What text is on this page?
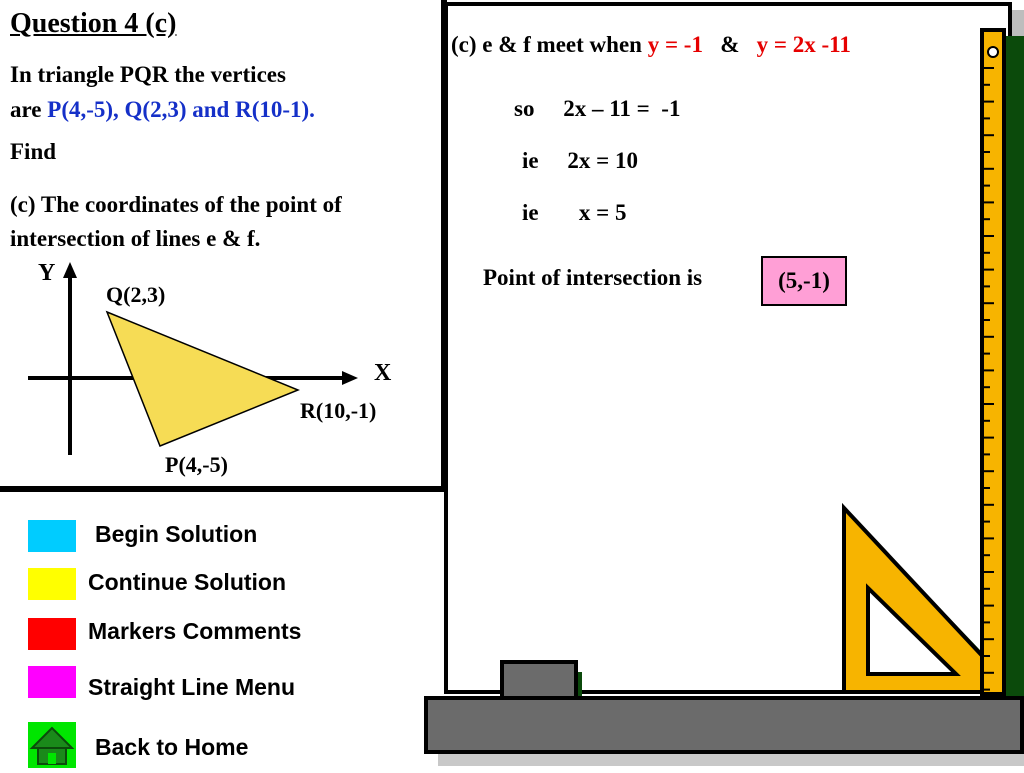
Question 4 (c)
In triangle PQR the vertices
are P(4,-5), Q(2,3) and R(10-1).
Find
(c) The coordinates of the point of
intersection of lines e & f.
Y
X
Q(2,3)
R(10,-1)
P(4,-5)
(c) e & f meet when y = -1   &   y = 2x -11
so     2x – 11 =  -1
ie     2x = 10
ie       x = 5
Point of intersection is	(5,-1)
Begin Solution
Continue Solution
Markers Comments
Straight Line Menu
Back to Home
